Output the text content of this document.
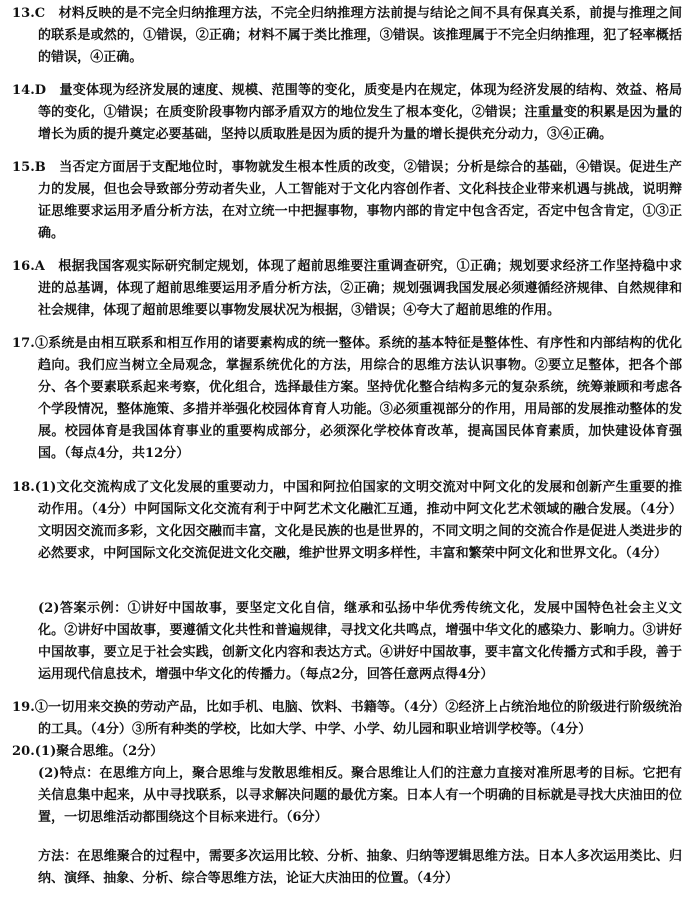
13.C　材料反映的是不完全归纳推理方法，不完全归纳推理方法前提与结论之间不具有保真关系，前提与推理之间的联系是或然的，①错误，②正确；材料不属于类比推理，③错误。该推理属于不完全归纳推理，犯了轻率概括的错误，④正确。
14.D　量变体现为经济发展的速度、规模、范围等的变化，质变是内在规定，体现为经济发展的结构、效益、格局等的变化，①错误；在质变阶段事物内部矛盾双方的地位发生了根本变化，②错误；注重量变的积累是因为量的增长为质的提升奠定必要基础，坚持以质取胜是因为质的提升为量的增长提供充分动力，③④正确。
15.B　当否定方面居于支配地位时，事物就发生根本性质的改变，②错误；分析是综合的基础，④错误。促进生产力的发展，但也会导致部分劳动者失业，人工智能对于文化内容创作者、文化科技企业带来机遇与挑战，说明辩证思维要求运用矛盾分析方法，在对立统一中把握事物，事物内部的肯定中包含否定，否定中包含肯定，①③正确。
16.A　根据我国客观实际研究制定规划，体现了超前思维要注重调查研究，①正确；规划要求经济工作坚持稳中求进的总基调，体现了超前思维要运用矛盾分析方法，②正确；规划强调我国发展必须遵循经济规律、自然规律和社会规律，体现了超前思维要以事物发展状况为根据，③错误；④夸大了超前思维的作用。
17.①系统是由相互联系和相互作用的诸要素构成的统一整体。系统的基本特征是整体性、有序性和内部结构的优化趋向。我们应当树立全局观念，掌握系统优化的方法，用综合的思维方法认识事物。②要立足整体，把各个部分、各个要素联系起来考察，优化组合，选择最佳方案。坚持优化整合结构多元的复杂系统，统筹兼顾和考虑各个学段情况，整体施策、多措并举强化校园体育育人功能。③必须重视部分的作用，用局部的发展推动整体的发展。校园体育是我国体育事业的重要构成部分，必须深化学校体育改革，提高国民体育素质，加快建设体育强国。（每点4分，共12分）
18.(1)文化交流构成了文化发展的重要动力，中国和阿拉伯国家的文明交流对中阿文化的发展和创新产生重要的推动作用。（4分）中阿国际文化交流有利于中阿艺术文化融汇互通，推动中阿文化艺术领域的融合发展。（4分）文明因交流而多彩，文化因交融而丰富，文化是民族的也是世界的，不同文明之间的交流合作是促进人类进步的必然要求，中阿国际文化交流促进文化交融，维护世界文明多样性，丰富和繁荣中阿文化和世界文化。（4分）
(2)答案示例：①讲好中国故事，要坚定文化自信，继承和弘扬中华优秀传统文化，发展中国特色社会主义文化。②讲好中国故事，要遵循文化共性和普遍规律，寻找文化共鸣点，增强中华文化的感染力、影响力。③讲好中国故事，要立足于社会实践，创新文化内容和表达方式。④讲好中国故事，要丰富文化传播方式和手段，善于运用现代信息技术，增强中华文化的传播力。（每点2分，回答任意两点得4分）
19.①一切用来交换的劳动产品，比如手机、电脑、饮料、书籍等。（4分）②经济上占统治地位的阶级进行阶级统治的工具。（4分）③所有种类的学校，比如大学、中学、小学、幼儿园和职业培训学校等。（4分）
20.(1)聚合思维。（2分）
(2)特点：在思维方向上，聚合思维与发散思维相反。聚合思维让人们的注意力直接对准所思考的目标。它把有关信息集中起来，从中寻找联系，以寻求解决问题的最优方案。日本人有一个明确的目标就是寻找大庆油田的位置，一切思维活动都围绕这个目标来进行。（6分）
方法：在思维聚合的过程中，需要多次运用比较、分析、抽象、归纳等逻辑思维方法。日本人多次运用类比、归纳、演绎、抽象、分析、综合等思维方法，论证大庆油田的位置。（4分）
